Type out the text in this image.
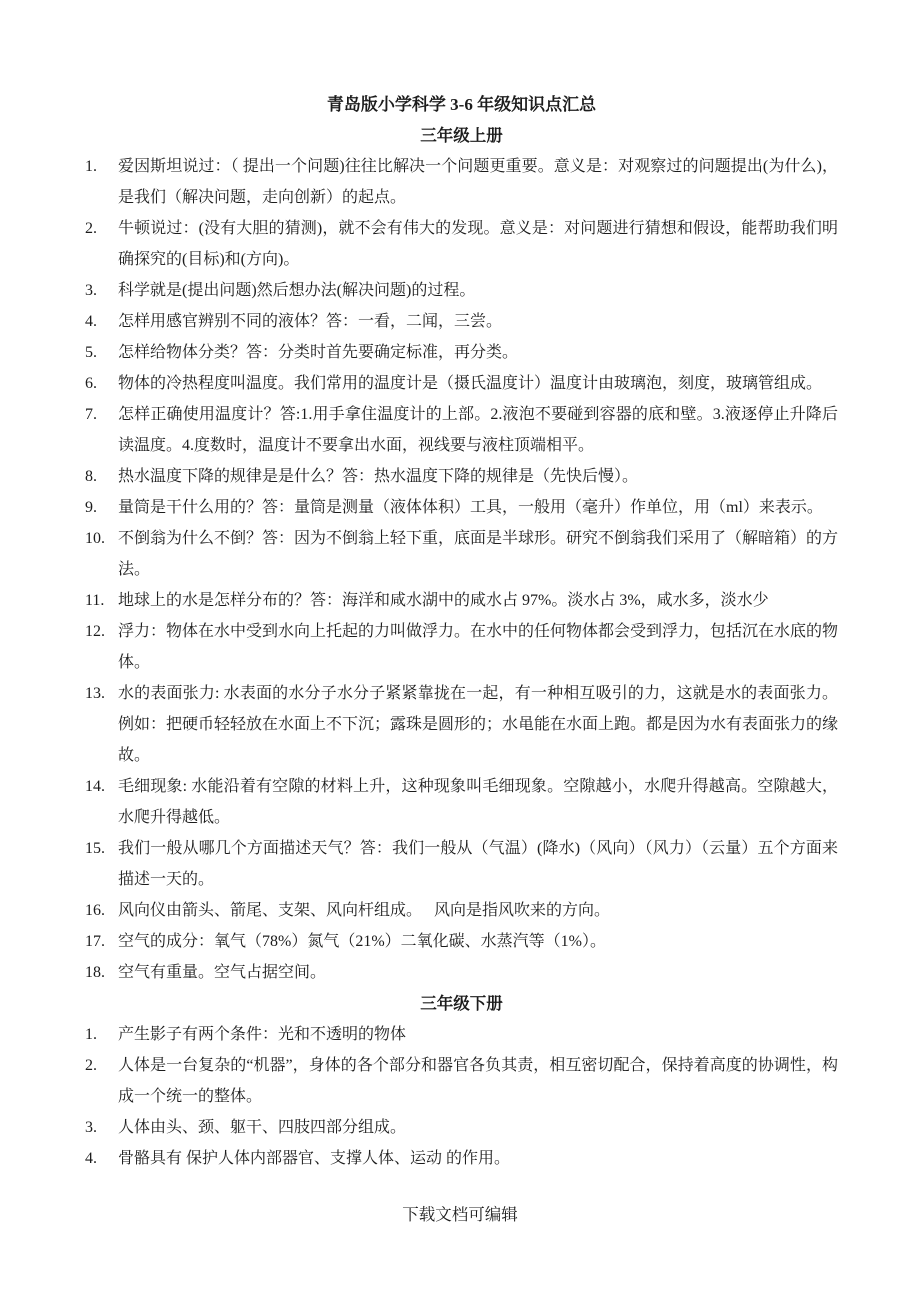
青岛版小学科学 3-6 年级知识点汇总
三年级上册
1.	爱因斯坦说过：（ 提出一个问题)往往比解决一个问题更重要。意义是：对观察过的问题提出(为什么)，是我们（解决问题，走向创新）的起点。
2.	牛顿说过：(没有大胆的猜测)，就不会有伟大的发现。意义是：对问题进行猜想和假设，能帮助我们明确探究的(目标)和(方向)。
3.	科学就是(提出问题)然后想办法(解决问题)的过程。
4.	怎样用感官辨别不同的液体？答：一看，二闻，三尝。
5.	怎样给物体分类？答：分类时首先要确定标准，再分类。
6.	物体的冷热程度叫温度。我们常用的温度计是（摄氏温度计）温度计由玻璃泡，刻度，玻璃管组成。
7.	怎样正确使用温度计？答:1.用手拿住温度计的上部。2.液泡不要碰到容器的底和壁。3.液逐停止升降后读温度。4.度数时，温度计不要拿出水面，视线要与液柱顶端相平。
8.	热水温度下降的规律是是什么？答：热水温度下降的规律是（先快后慢）。
9.	量筒是干什么用的？答：量筒是测量（液体体积）工具，一般用（毫升）作单位，用（ml）来表示。
10. 不倒翁为什么不倒？答：因为不倒翁上轻下重，底面是半球形。研究不倒翁我们采用了（解暗箱）的方法。
11. 地球上的水是怎样分布的？答：海洋和咸水湖中的咸水占 97%。淡水占 3%，咸水多，淡水少
12. 浮力：物体在水中受到水向上托起的力叫做浮力。在水中的任何物体都会受到浮力，包括沉在水底的物体。
13. 水的表面张力: 水表面的水分子水分子紧紧靠拢在一起，有一种相互吸引的力，这就是水的表面张力。例如：把硬币轻轻放在水面上不下沉；露珠是圆形的；水黾能在水面上跑。都是因为水有表面张力的缘故。
14. 毛细现象: 水能沿着有空隙的材料上升，这种现象叫毛细现象。空隙越小，水爬升得越高。空隙越大，水爬升得越低。
15. 我们一般从哪几个方面描述天气？答：我们一般从（气温）(降水)（风向）（风力）（云量）五个方面来描述一天的。
16. 风向仪由箭头、箭尾、支架、风向杆组成。　 风向是指风吹来的方向。
17. 空气的成分：氧气（78%）氮气（21%）二氧化碳、水蒸汽等（1%）。
18. 空气有重量。空气占据空间。
三年级下册
1.	产生影子有两个条件：光和不透明的物体
2.	人体是一台复杂的“机器”，身体的各个部分和器官各负其责，相互密切配合，保持着高度的协调性，构成一个统一的整体。
3.	人体由头、颈、躯干、四肢四部分组成。
4.	骨骼具有 保护人体内部器官、支撑人体、运动 的作用。
下载文档可编辑
